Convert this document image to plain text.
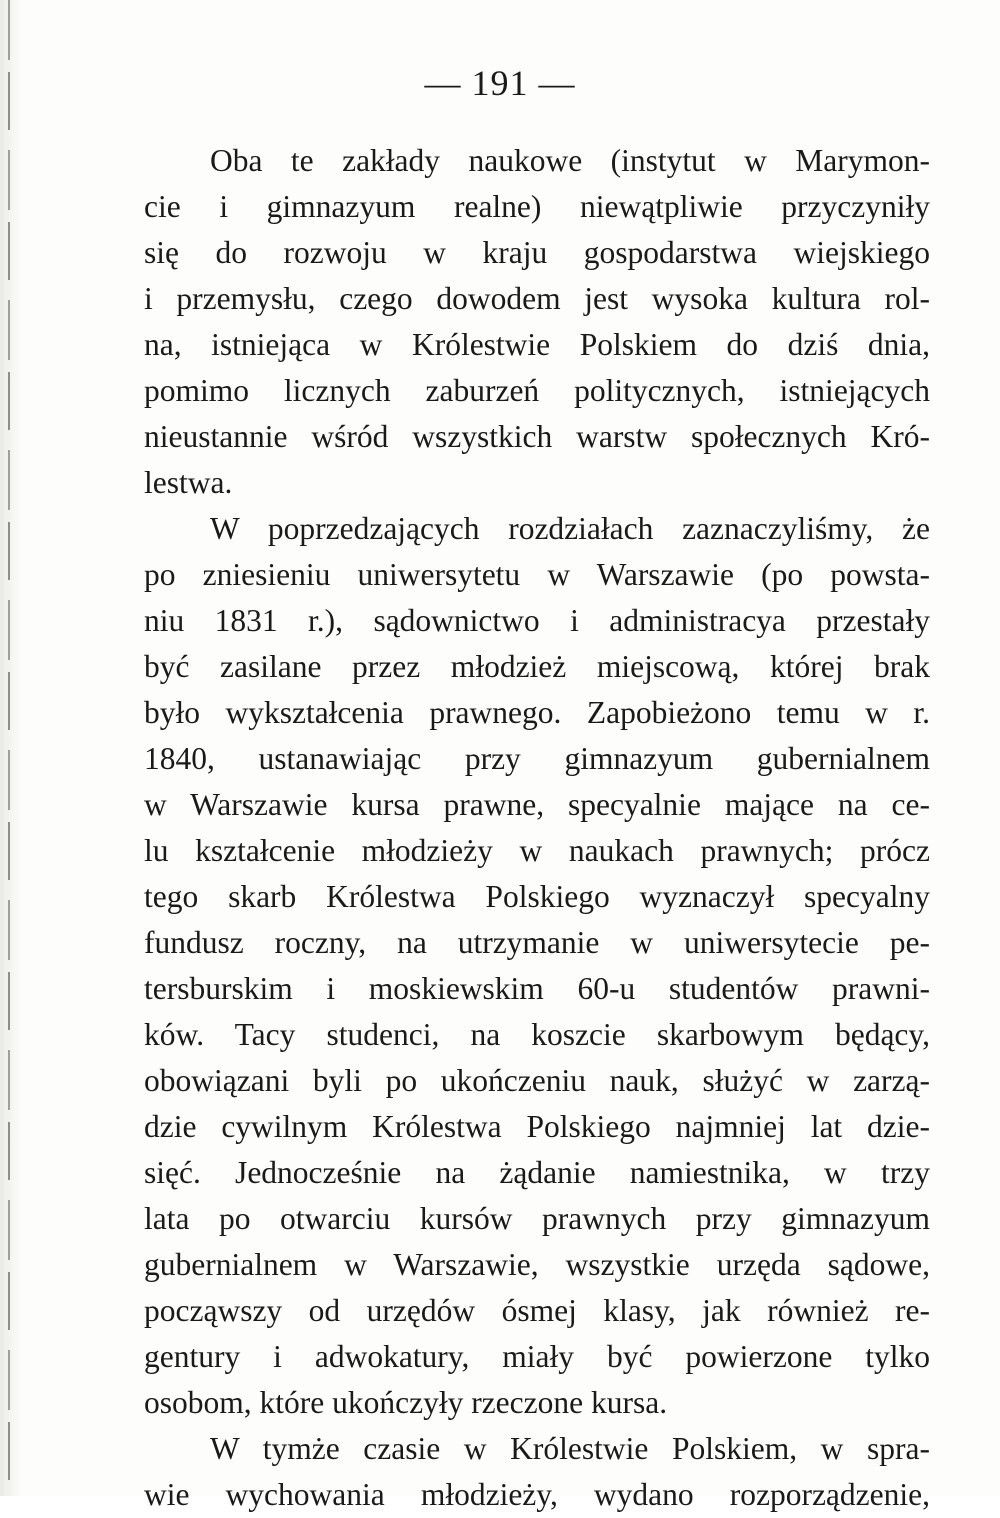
— 191 —
Oba te zakłady naukowe (instytut w Marymon-
cie i gimnazyum realne) niewątpliwie przyczyniły
się do rozwoju w kraju gospodarstwa wiejskiego
i przemysłu, czego dowodem jest wysoka kultura rol-
na, istniejąca w Królestwie Polskiem do dziś dnia,
pomimo licznych zaburzeń politycznych, istniejących
nieustannie wśród wszystkich warstw społecznych Kró-
lestwa.
W poprzedzających rozdziałach zaznaczyliśmy, że
po zniesieniu uniwersytetu w Warszawie (po powsta-
niu 1831 r.), sądownictwo i administracya przestały
być zasilane przez młodzież miejscową, której brak
było wykształcenia prawnego. Zapobieżono temu w r.
1840, ustanawiając przy gimnazyum gubernialnem
w Warszawie kursa prawne, specyalnie mające na ce-
lu kształcenie młodzieży w naukach prawnych; prócz
tego skarb Królestwa Polskiego wyznaczył specyalny
fundusz roczny, na utrzymanie w uniwersytecie pe-
tersburskim i moskiewskim 60-u studentów prawni-
ków. Tacy studenci, na koszcie skarbowym będący,
obowiązani byli po ukończeniu nauk, służyć w zarzą-
dzie cywilnym Królestwa Polskiego najmniej lat dzie-
sięć. Jednocześnie na żądanie namiestnika, w trzy
lata po otwarciu kursów prawnych przy gimnazyum
gubernialnem w Warszawie, wszystkie urzęda sądowe,
począwszy od urzędów ósmej klasy, jak również re-
gentury i adwokatury, miały być powierzone tylko
osobom, które ukończyły rzeczone kursa.
W tymże czasie w Królestwie Polskiem, w spra-
wie wychowania młodzieży, wydano rozporządzenie,
